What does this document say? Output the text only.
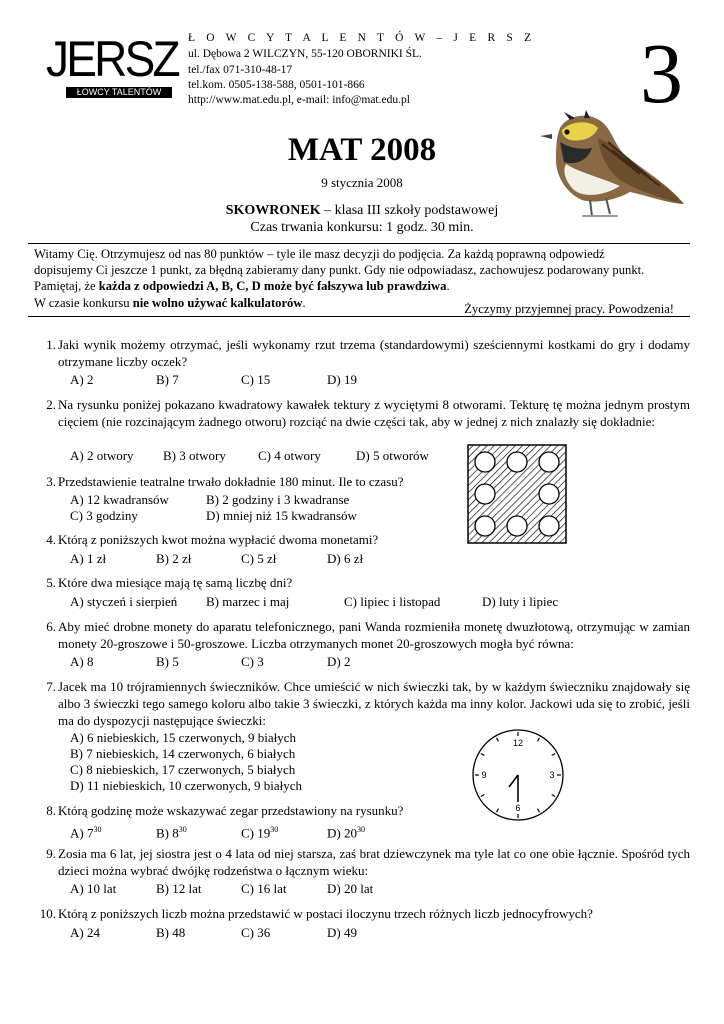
JERSZ
ŁOWCY TALENTÓW
Ł O W C Y T A L E N T Ó W – J E R S Z
ul. Dębowa 2 WILCZYN, 55-120 OBORNIKI ŚL.
tel./fax 071-310-48-17
tel.kom. 0505-138-588, 0501-101-866
http://www.mat.edu.pl, e-mail: info@mat.edu.pl	3
MAT 2008
9 stycznia 2008
SKOWRONEK – klasa III szkoły podstawowej
Czas trwania konkursu: 1 godz. 30 min.
Witamy Cię. Otrzymujesz od nas 80 punktów – tyle ile masz decyzji do podjęcia. Za każdą poprawną odpowiedź
dopisujemy Ci jeszcze 1 punkt, za błędną zabieramy dany punkt. Gdy nie odpowiadasz, zachowujesz podarowany punkt.
Pamiętaj, że każda z odpowiedzi A, B, C, D może być fałszywa lub prawdziwa.
W czasie konkursu nie wolno używać kalkulatorów.	Życzymy przyjemnej pracy. Powodzenia!
1. Jaki wynik możemy otrzymać, jeśli wykonamy rzut trzema (standardowymi) sześciennymi kostkami do gry i dodamy otrzymane liczby oczek?
A) 2	B) 7	C) 15	D) 19
2. Na rysunku poniżej pokazano kwadratowy kawałek tektury z wyciętymi 8 otworami. Tekturę tę można jednym prostym cięciem (nie rozcinającym żadnego otworu) rozciąć na dwie części tak, aby w jednej z nich znalazły się dokładnie:
A) 2 otwory B) 3 otwory C) 4 otwory	D) 5 otworów
3. Przedstawienie teatralne trwało dokładnie 180 minut. Ile to czasu?
A) 12 kwadransów	B) 2 godziny i 3 kwadranse
C) 3 godziny	D) mniej niż 15 kwadransów
4. Którą z poniższych kwot można wypłacić dwoma monetami?
A) 1 zł	B) 2 zł	C) 5 zł	D) 6 zł
5. Które dwa miesiące mają tę samą liczbę dni?
A) styczeń i sierpień B) marzec i maj	C) lipiec i listopad	D) luty i lipiec
6. Aby mieć drobne monety do aparatu telefonicznego, pani Wanda rozmieniła monetę dwuzłotową, otrzymując w zamian monety 20-groszowe i 50-groszowe. Liczba otrzymanych monet 20-groszowych mogła być równa:
A) 8	B) 5	C) 3	D) 2
7. Jacek ma 10 trójramiennych świeczników. Chce umieścić w nich świeczki tak, by w każdym świeczniku znajdowały się albo 3 świeczki tego samego koloru albo takie 3 świeczki, z których każda ma inny kolor. Jackowi uda się to zrobić, jeśli ma do dyspozycji następujące świeczki:
A) 6 niebieskich, 15 czerwonych, 9 białych
B) 7 niebieskich, 14 czerwonych, 6 białych
C) 8 niebieskich, 17 czerwonych, 5 białych
D) 11 niebieskich, 10 czerwonych, 9 białych
12
3
6
9
8. Którą godzinę może wskazywać zegar przedstawiony na rysunku?
A) $7^{30}$	B) $8^{30}$	C) $19^{30}$	D) $20^{30}$
9. Zosia ma 6 lat, jej siostra jest o 4 lata od niej starsza, zaś brat dziewczynek ma tyle lat co one obie łącznie. Spośród tych dzieci można wybrać dwójkę rodzeństwa o łącznym wieku:
A) 10 lat	B) 12 lat	C) 16 lat	D) 20 lat
10. Którą z poniższych liczb można przedstawić w postaci iloczynu trzech różnych liczb jednocyfrowych?
A) 24	B) 48	C) 36	D) 49
